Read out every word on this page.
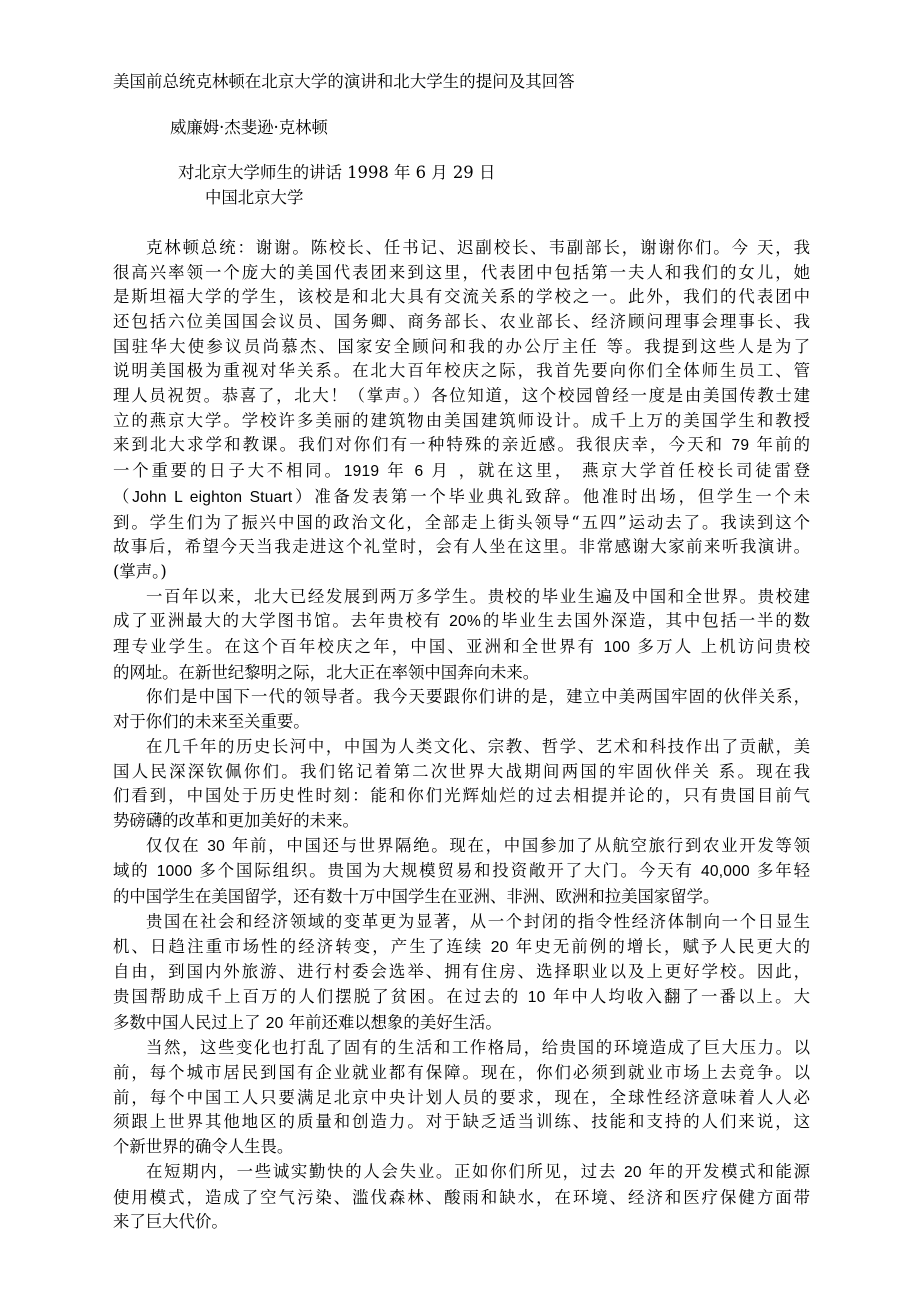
美国前总统克林顿在北京大学的演讲和北大学生的提问及其回答
威廉姆·杰斐逊·克林顿
对北京大学师生的讲话 1998 年 6 月 29 日
中国北京大学
克林顿总统：谢谢。陈校长、任书记、迟副校长、韦副部长，谢谢你们。今 天，我
很高兴率领一个庞大的美国代表团来到这里，代表团中包括第一夫人和我们的女儿，她
是斯坦福大学的学生，该校是和北大具有交流关系的学校之一。此外，我们的代表团中
还包括六位美国国会议员、国务卿、商务部长、农业部长、经济顾问理事会理事长、我
国驻华大使参议员尚慕杰、国家安全顾问和我的办公厅主任 等。我提到这些人是为了
说明美国极为重视对华关系。在北大百年校庆之际，我首先要向你们全体师生员工、管
理人员祝贺。恭喜了，北大！（掌声。）各位知道，这个校园曾经一度是由美国传教士建
立的燕京大学。学校许多美丽的建筑物由美国建筑师设计。成千上万的美国学生和教授
来到北大求学和教课。我们对你们有一种特殊的亲近感。我很庆幸，今天和 79 年前的
一个重要的日子大不相同。1919 年 6 月 ，就在这里， 燕京大学首任校长司徒雷登
（John L eighton Stuart）准备发表第一个毕业典礼致辞。他准时出场，但学生一个未
到。学生们为了振兴中国的政治文化，全部走上街头领导“五四”运动去了。我读到这个
故事后，希望今天当我走进这个礼堂时，会有人坐在这里。非常感谢大家前来听我演讲。
(掌声。)
一百年以来，北大已经发展到两万多学生。贵校的毕业生遍及中国和全世界。贵校建
成了亚洲最大的大学图书馆。去年贵校有 20%的毕业生去国外深造，其中包括一半的数
理专业学生。在这个百年校庆之年，中国、亚洲和全世界有 100 多万人 上机访问贵校
的网址。在新世纪黎明之际，北大正在率领中国奔向未来。
你们是中国下一代的领导者。我今天要跟你们讲的是，建立中美两国牢固的伙伴关系，
对于你们的未来至关重要。
在几千年的历史长河中，中国为人类文化、宗教、哲学、艺术和科技作出了贡献，美
国人民深深钦佩你们。我们铭记着第二次世界大战期间两国的牢固伙伴关 系。现在我
们看到，中国处于历史性时刻：能和你们光辉灿烂的过去相提并论的，只有贵国目前气
势磅礴的改革和更加美好的未来。
仅仅在 30 年前，中国还与世界隔绝。现在，中国参加了从航空旅行到农业开发等领
域的 1000 多个国际组织。贵国为大规模贸易和投资敞开了大门。今天有 40,000 多年轻
的中国学生在美国留学，还有数十万中国学生在亚洲、非洲、欧洲和拉美国家留学。
贵国在社会和经济领域的变革更为显著，从一个封闭的指令性经济体制向一个日显生
机、日趋注重市场性的经济转变，产生了连续 20 年史无前例的增长，赋予人民更大的
自由，到国内外旅游、进行村委会选举、拥有住房、选择职业以及上更好学校。因此，
贵国帮助成千上百万的人们摆脱了贫困。在过去的 10 年中人均收入翻了一番以上。大
多数中国人民过上了 20 年前还难以想象的美好生活。
当然，这些变化也打乱了固有的生活和工作格局，给贵国的环境造成了巨大压力。以
前，每个城市居民到国有企业就业都有保障。现在，你们必须到就业市场上去竞争。以
前，每个中国工人只要满足北京中央计划人员的要求，现在，全球性经济意味着人人必
须跟上世界其他地区的质量和创造力。对于缺乏适当训练、技能和支持的人们来说，这
个新世界的确令人生畏。
在短期内，一些诚实勤快的人会失业。正如你们所见，过去 20 年的开发模式和能源
使用模式，造成了空气污染、滥伐森林、酸雨和缺水，在环境、经济和医疗保健方面带
来了巨大代价。
